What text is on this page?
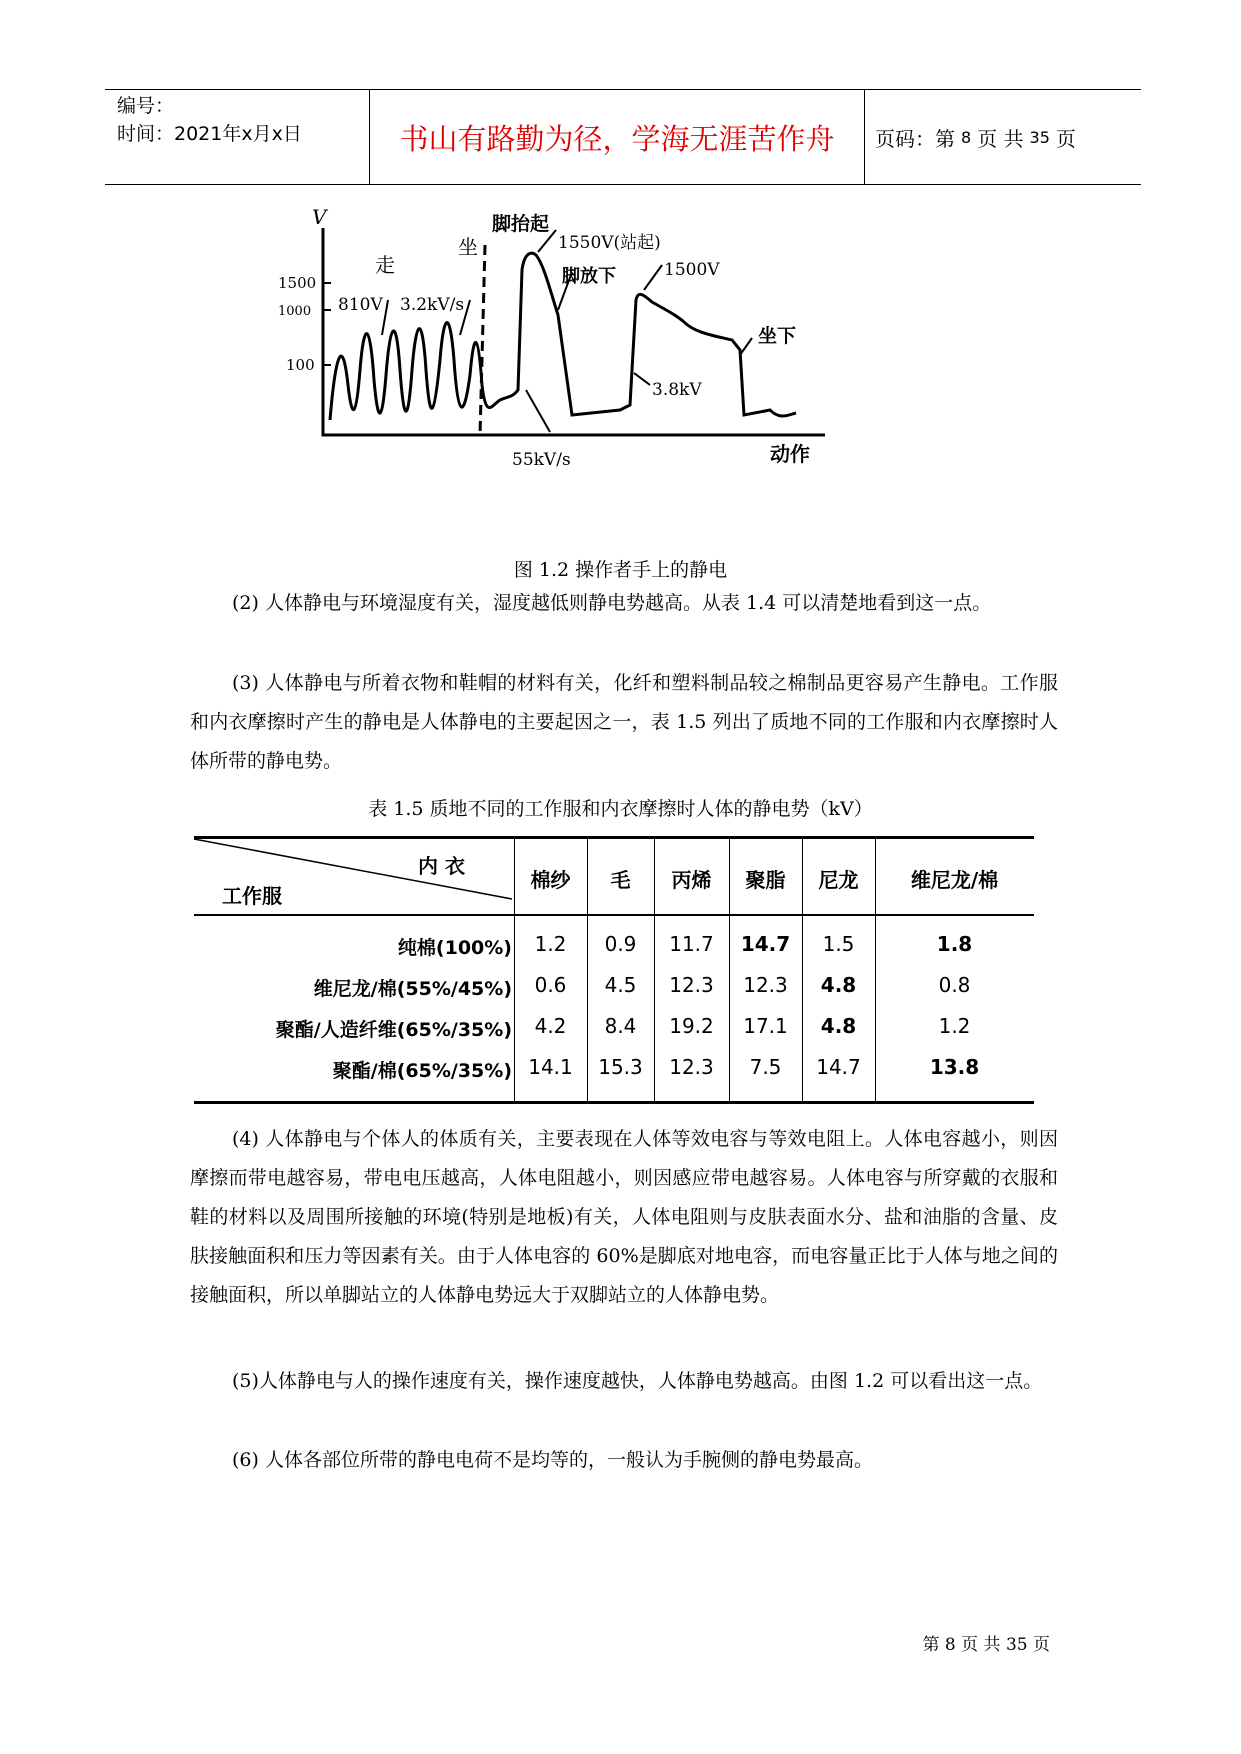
编号：
时间：2021年x月x日	书山有路勤为径，学海无涯苦作舟	页码：第 8 页 共 35 页
V
1500
1000
100
走
坐
810V 3.2kV/s
脚抬起
1550V(站起)
脚放下	1500V
3.8kV
坐下
55kV/s	动作
图 1.2 操作者手上的静电
(2) 人体静电与环境湿度有关，湿度越低则静电势越高。从表 1.4 可以清楚地看到这一点。
(3) 人体静电与所着衣物和鞋帽的材料有关，化纤和塑料制品较之棉制品更容易产生静电。工作服和内衣摩擦时产生的静电是人体静电的主要起因之一，表 1.5 列出了质地不同的工作服和内衣摩擦时人体所带的静电势。
表 1.5 质地不同的工作服和内衣摩擦时人体的静电势（kV）
内 衣
工作服
棉纱	毛	丙烯	聚脂	尼龙	维尼龙/棉
纯棉(100%)	1.2	0.9	11.7	14.7	1.5	1.8
维尼龙/棉(55%/45%)	0.6	4.5	12.3	12.3	4.8	0.8
聚酯/人造纤维(65%/35%)	4.2	8.4	19.2	17.1	4.8	1.2
聚酯/棉(65%/35%) 14.1	15.3	12.3	7.5	14.7	13.8
(4) 人体静电与个体人的体质有关，主要表现在人体等效电容与等效电阻上。人体电容越小，则因摩擦而带电越容易，带电电压越高，人体电阻越小，则因感应带电越容易。人体电容与所穿戴的衣服和鞋的材料以及周围所接触的环境(特别是地板)有关，人体电阻则与皮肤表面水分、盐和油脂的含量、皮肤接触面积和压力等因素有关。由于人体电容的 60%是脚底对地电容，而电容量正比于人体与地之间的接触面积，所以单脚站立的人体静电势远大于双脚站立的人体静电势。
(5)人体静电与人的操作速度有关，操作速度越快，人体静电势越高。由图 1.2 可以看出这一点。
(6) 人体各部位所带的静电电荷不是均等的，一般认为手腕侧的静电势最高。
第 8 页 共 35 页
